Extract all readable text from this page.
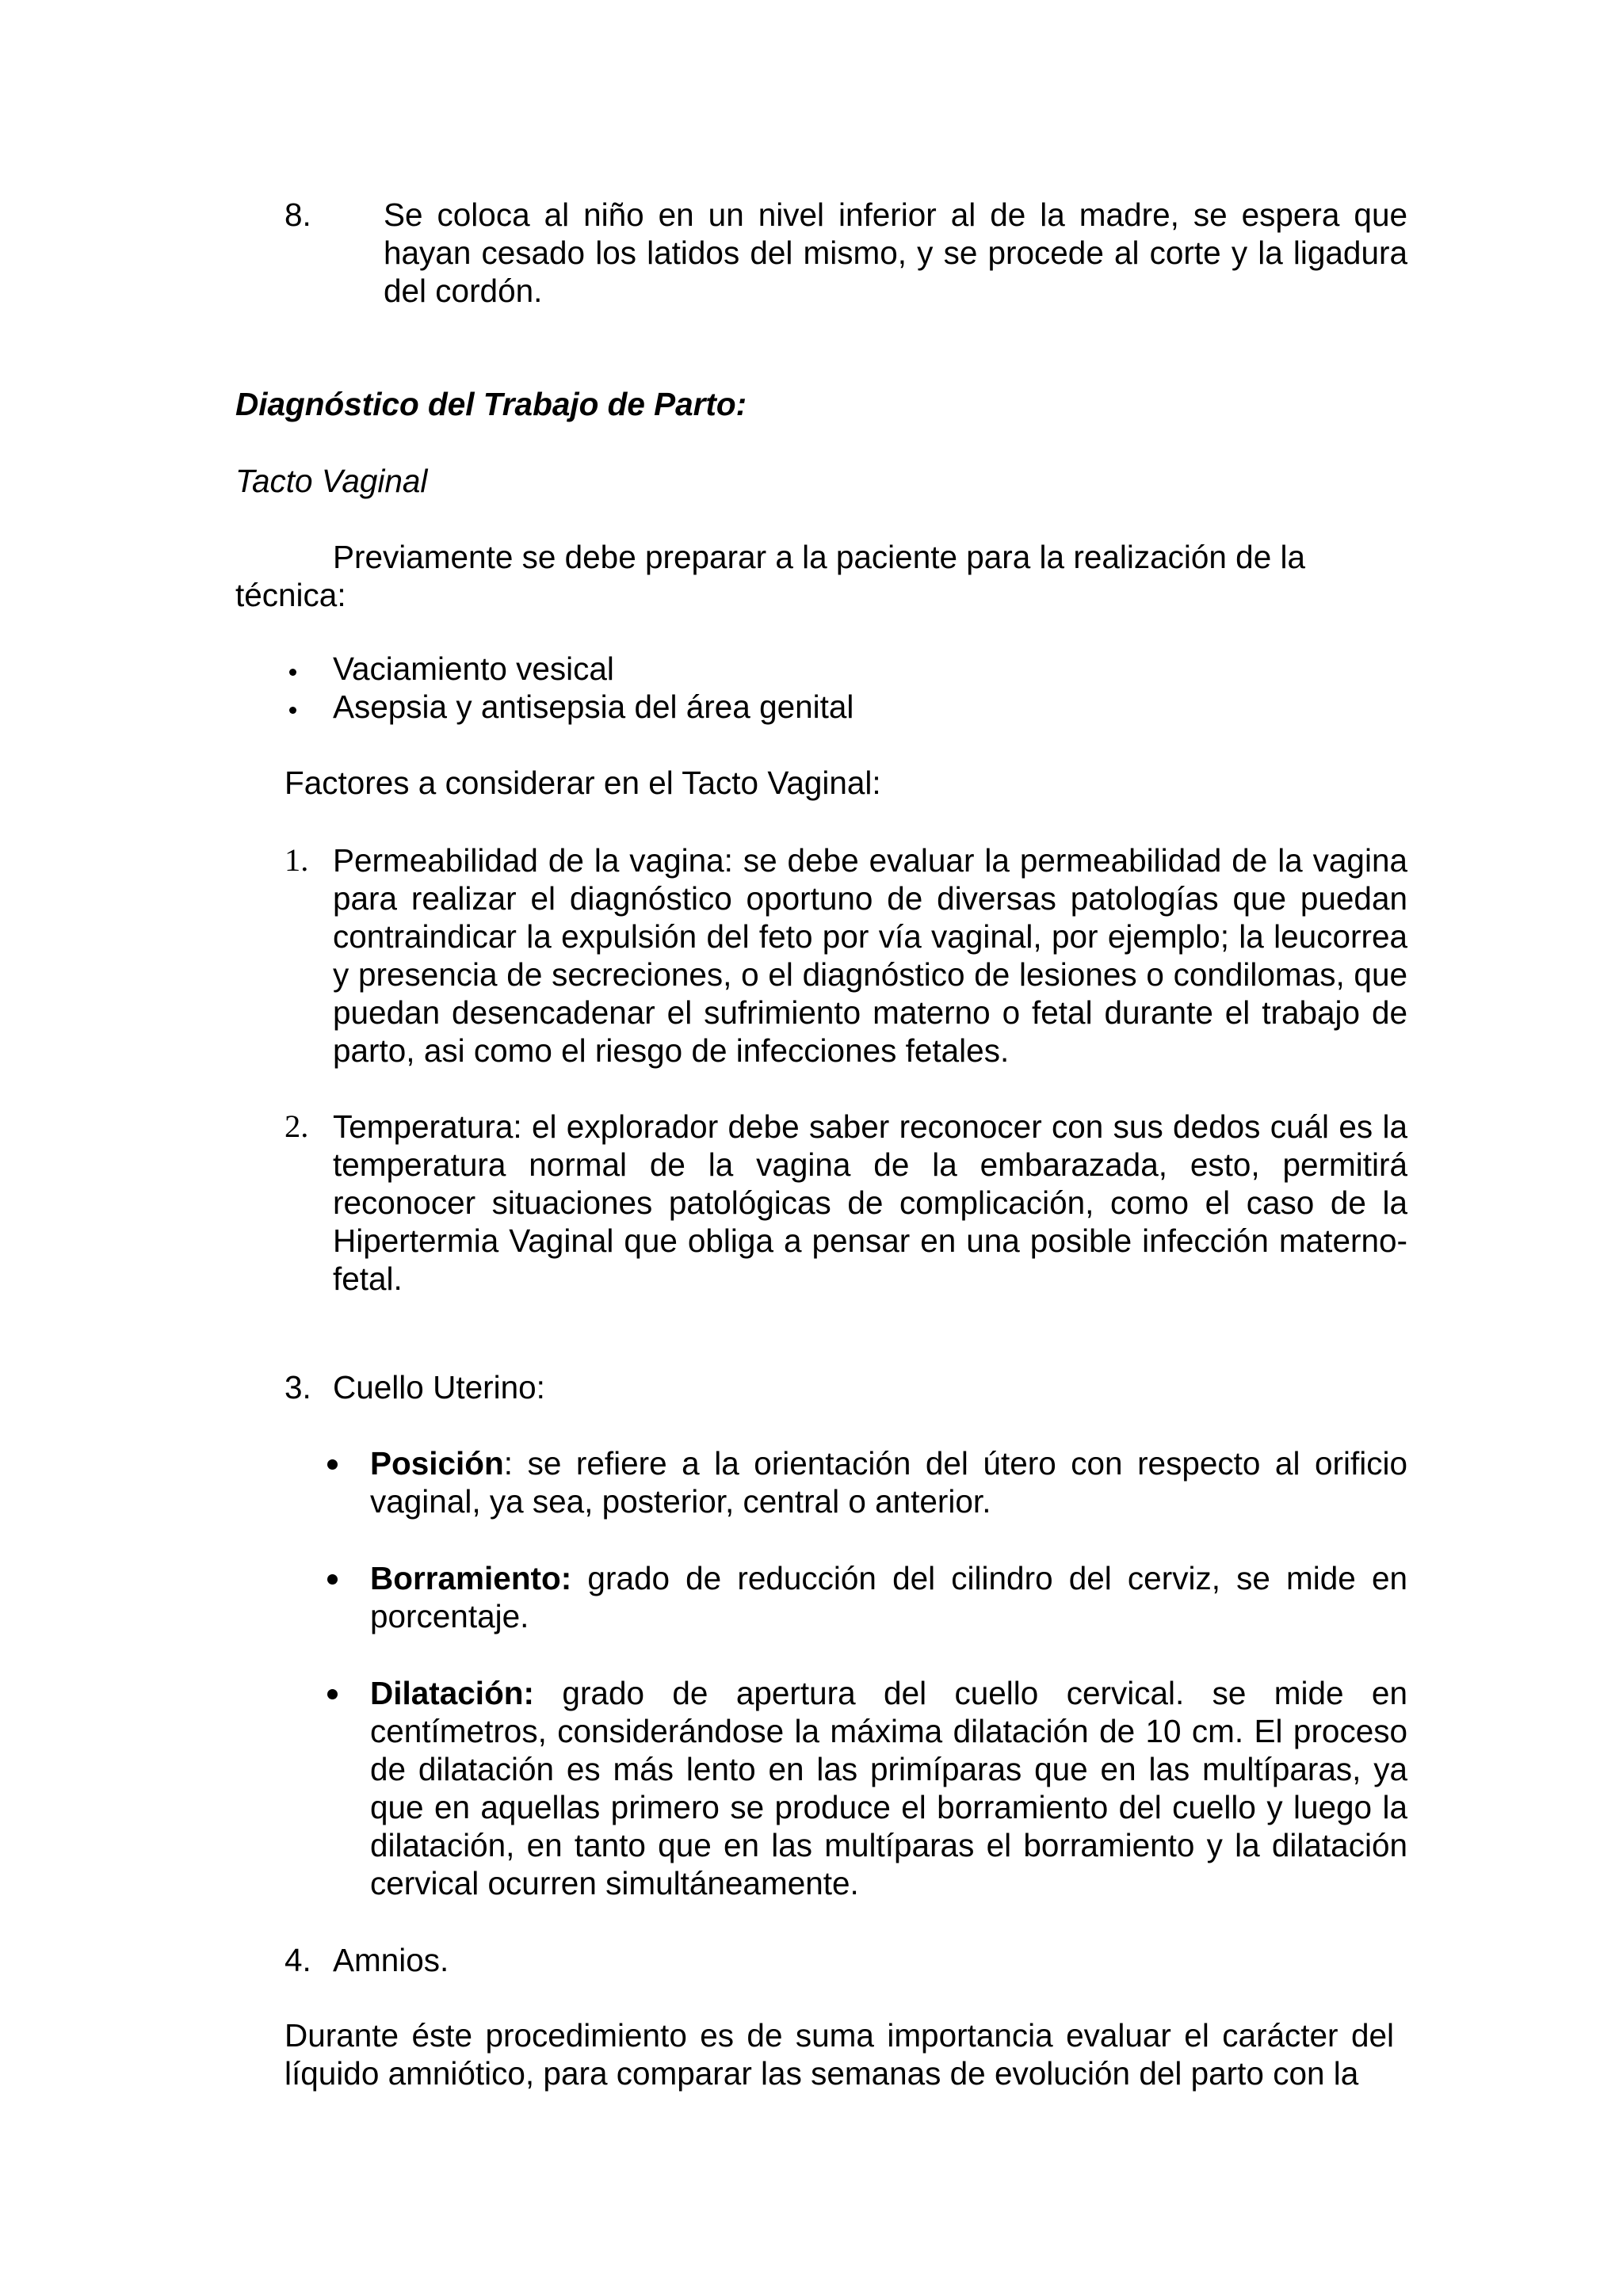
8. Se coloca al niño en un nivel inferior al de la madre, se espera que hayan cesado los latidos del mismo, y se procede al corte y la ligadura del cordón.

Diagnóstico del Trabajo de Parto:

Tacto Vaginal

Previamente se debe preparar a la paciente para la realización de la técnica:

Vaciamiento vesical

Asepsia y antisepsia del área genital

Factores a considerar en el Tacto Vaginal:

1. Permeabilidad de la vagina: se debe evaluar la permeabilidad de la vagina para realizar el diagnóstico oportuno de diversas patologías que puedan contraindicar la expulsión del feto por vía vaginal, por ejemplo; la leucorrea y presencia de secreciones, o el diagnóstico de lesiones o condilomas, que puedan desencadenar el sufrimiento materno o fetal durante el trabajo de parto, asi como el riesgo de infecciones fetales.

2. Temperatura: el explorador debe saber reconocer con sus dedos cuál es la temperatura normal de la vagina de la embarazada, esto, permitirá reconocer situaciones patológicas de complicación, como el caso de la Hipertermia Vaginal que obliga a pensar en una posible infección materno-fetal.

3. Cuello Uterino:

Posición: se refiere a la orientación del útero con respecto al orificio vaginal, ya sea, posterior, central o anterior.

Borramiento: grado de reducción del cilindro del cerviz, se mide en porcentaje.

Dilatación: grado de apertura del cuello cervical. se mide en centímetros, considerándose la máxima dilatación de 10 cm. El proceso de dilatación es más lento en las primíparas que en las multíparas, ya que en aquellas primero se produce el borramiento del cuello y luego la dilatación, en tanto que en las multíparas el borramiento y la dilatación cervical ocurren simultáneamente.

4. Amnios.

Durante éste procedimiento es de suma importancia evaluar el carácter del líquido amniótico, para comparar las semanas de evolución del parto con la
